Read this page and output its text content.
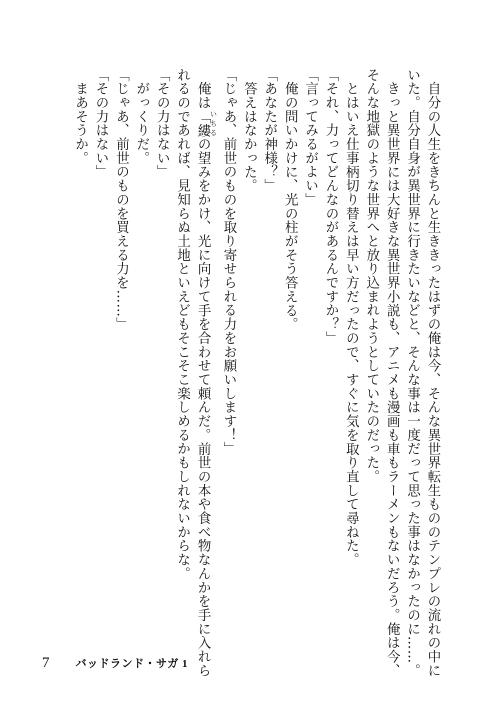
自分の人生をきちんと生ききったはずの俺は今、そんな異世界転生もののテンプレの流れの中に
いた。自分自身が異世界に行きたいなどと、そんな事は一度だって思った事はなかったのに……。
きっと異世界には大好きな異世界小説も、アニメも漫画も車もラーメンもないだろう。俺は今、
そんな地獄のような世界へと放り込まれようとしていたのだった。
とはいえ仕事柄切り替えは早い方だったので、すぐに気を取り直して尋ねた。
「それ、力ってどんなのがあるんですか？」
「言ってみるがよい」
俺の問いかけに、光の柱がそう答える。
「あなたが神様？」
答えはなかった。
「じゃあ、前世のものを取り寄せられる力をお願いします！」
俺は「縷 いちるの望みをかけ、光に向けて手を合わせて頼んだ。前世の本や食べ物なんかを手に入れら
れるのであれば、見知らぬ土地といえどもそこそこ楽しめるかもしれないからな。
「その力はない」
がっくりだ。
「じゃあ、前世のものを買える力を……」
「その力はない」
まあそうか。
7 バッドランド・サガ 1
